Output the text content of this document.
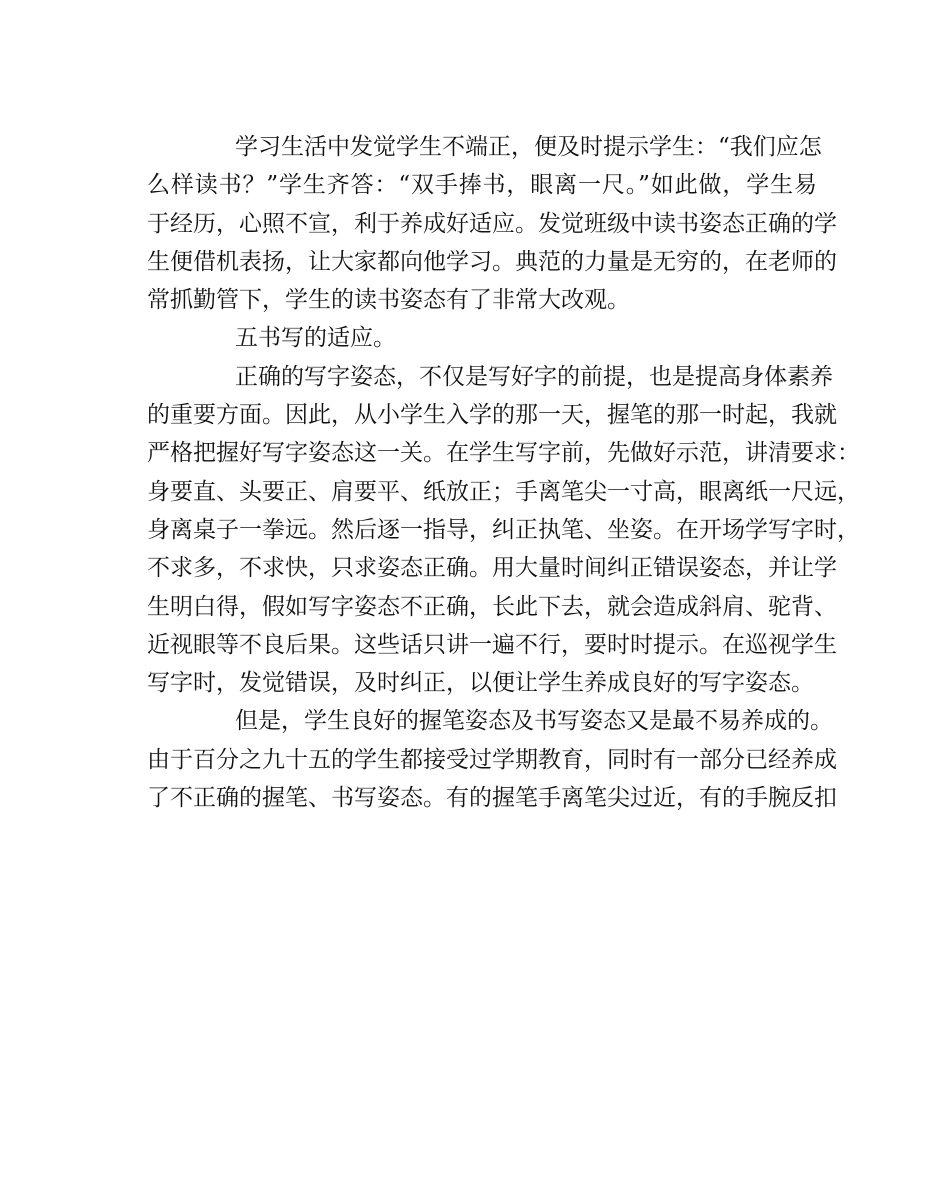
学习生活中发觉学生不端正，便及时提示学生：“我们应怎
么样读书？”学生齐答：“双手捧书，眼离一尺。”如此做，学生易
于经历，心照不宣，利于养成好适应。发觉班级中读书姿态正确的学
生便借机表扬，让大家都向他学习。典范的力量是无穷的，在老师的
常抓勤管下，学生的读书姿态有了非常大改观。
五书写的适应。
正确的写字姿态，不仅是写好字的前提，也是提高身体素养
的重要方面。因此，从小学生入学的那一天，握笔的那一时起，我就
严格把握好写字姿态这一关。在学生写字前，先做好示范，讲清要求：
身要直、头要正、肩要平、纸放正；手离笔尖一寸高，眼离纸一尺远，
身离桌子一拳远。然后逐一指导，纠正执笔、坐姿。在开场学写字时，
不求多，不求快，只求姿态正确。用大量时间纠正错误姿态，并让学
生明白得，假如写字姿态不正确，长此下去，就会造成斜肩、驼背、
近视眼等不良后果。这些话只讲一遍不行，要时时提示。在巡视学生
写字时，发觉错误，及时纠正，以便让学生养成良好的写字姿态。
但是，学生良好的握笔姿态及书写姿态又是最不易养成的。
由于百分之九十五的学生都接受过学期教育，同时有一部分已经养成
了不正确的握笔、书写姿态。有的握笔手离笔尖过近，有的手腕反扣
